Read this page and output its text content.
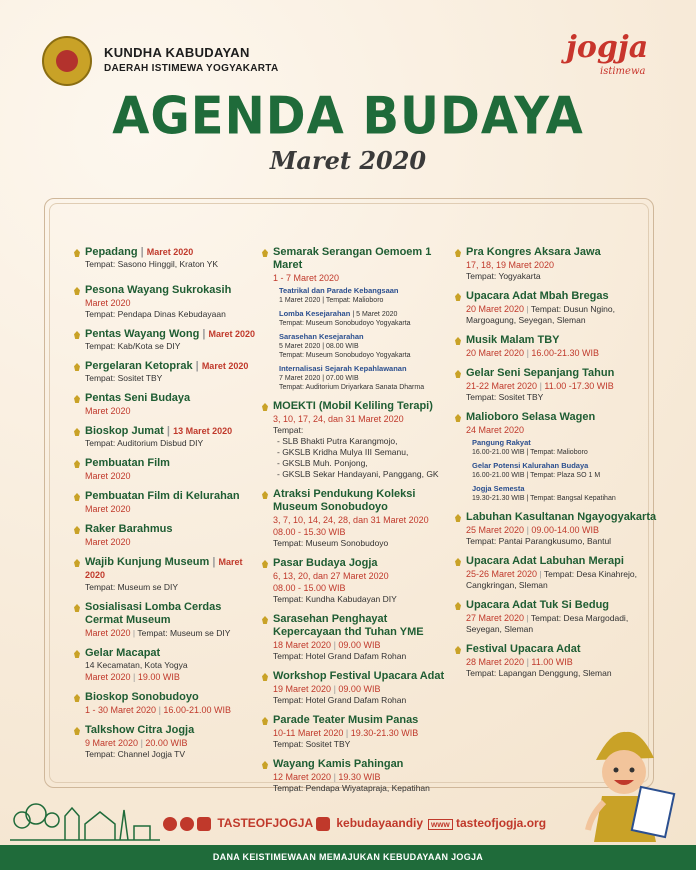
KUNDHA KABUDAYAN
DAERAH ISTIMEWA YOGYAKARTA
jogja
istimewa
AGENDA BUDAYA
Maret 2020
Pepadang | Maret 2020
Tempat: Sasono Hinggil, Kraton YK
Pesona Wayang Sukrokasih
Maret 2020
Tempat: Pendapa Dinas Kebudayaan
Pentas Wayang Wong | Maret 2020
Tempat: Kab/Kota se DIY
Pergelaran Ketoprak | Maret 2020
Tempat: Sositet TBY
Pentas Seni Budaya
Maret 2020
Bioskop Jumat | 13 Maret 2020
Tempat: Auditorium Disbud DIY
Pembuatan Film
Maret 2020
Pembuatan Film di Kelurahan
Maret 2020
Raker Barahmus
Maret 2020
Wajib Kunjung Museum | Maret 2020
Tempat: Museum se DIY
Sosialisasi Lomba Cerdas Cermat Museum
Maret 2020 | Tempat: Museum se DIY
Gelar Macapat
14 Kecamatan, Kota Yogya
Maret 2020 | 19.00 WIB
Bioskop Sonobudoyo
1 - 30 Maret 2020 | 16.00-21.00 WIB
Talkshow Citra Jogja
9 Maret 2020 | 20.00 WIB
Tempat: Channel Jogja TV
Semarak Serangan Oemoem 1 Maret
1 - 7 Maret 2020
Teatrikal dan Parade Kebangsaan
1 Maret 2020 | Tempat: Malioboro
Lomba Kesejarahan | 5 Maret 2020
Tempat: Museum Sonobudoyo Yogyakarta
Sarasehan Kesejarahan
5 Maret 2020 | 08.00 WIB
Tempat: Museum Sonobudoyo Yogyakarta
Internalisasi Sejarah Kepahlawanan
7 Maret 2020 | 07.00 WIB
Tempat: Auditorium Driyarkara Sanata Dharma
MOEKTI (Mobil Keliling Terapi)
3, 10, 17, 24, dan 31 Maret 2020
Tempat:
- SLB Bhakti Putra Karangmojo,
- GKSLB Kridha Mulya III Semanu,
- GKSLB Muh. Ponjong,
- GKSLB Sekar Handayani, Panggang, GK
Atraksi Pendukung Koleksi Museum Sonobudoyo
3, 7, 10, 14, 24, 28, dan 31 Maret 2020
08.00 - 15.30 WIB
Tempat: Museum Sonobudoyo
Pasar Budaya Jogja
6, 13, 20, dan 27 Maret 2020
08.00 - 15.00 WIB
Tempat: Kundha Kabudayan DIY
Sarasehan Penghayat Kepercayaan thd Tuhan YME
18 Maret 2020 | 09.00 WIB
Tempat: Hotel Grand Dafam Rohan
Workshop Festival Upacara Adat
19 Maret 2020 | 09.00 WIB
Tempat: Hotel Grand Dafam Rohan
Parade Teater Musim Panas
10-11 Maret 2020 | 19.30-21.30 WIB
Tempat: Sositet TBY
Wayang Kamis Pahingan
12 Maret 2020 | 19.30 WIB
Tempat: Pendapa Wiyatapraja, Kepatihan
Pra Kongres Aksara Jawa
17, 18, 19 Maret 2020
Tempat: Yogyakarta
Upacara Adat Mbah Bregas
20 Maret 2020 | Tempat: Dusun Ngino,
Margoagung, Seyegan, Sleman
Musik Malam TBY
20 Maret 2020 | 16.00-21.30 WIB
Gelar Seni Sepanjang Tahun
21-22 Maret 2020 | 11.00 -17.30 WIB
Tempat: Sositet TBY
Malioboro Selasa Wagen
24 Maret 2020
Pangung Rakyat
16.00-21.00 WIB | Tempat: Malioboro
Gelar Potensi Kalurahan Budaya
16.00-21.00 WIB | Tempat: Plaza SO 1 M
Jogja Semesta
19.30-21.30 WIB | Tempat: Bangsal Kepatihan
Labuhan Kasultanan Ngayogyakarta
25 Maret 2020 | 09.00-14.00 WIB
Tempat: Pantai Parangkusumo, Bantul
Upacara Adat Labuhan Merapi
25-26 Maret 2020 | Tempat: Desa Kinahrejo,
Cangkringan, Sleman
Upacara Adat Tuk Si Bedug
27 Maret 2020 | Tempat: Desa Margodadi,
Seyegan, Sleman
Festival Upacara Adat
28 Maret 2020 | 11.00 WIB
Tempat: Lapangan Denggung, Sleman
TASTEOFJOGJA	kebudayaandiy www tasteofjogja.org
DANA KEISTIMEWAAN MEMAJUKAN KEBUDAYAAN JOGJA
